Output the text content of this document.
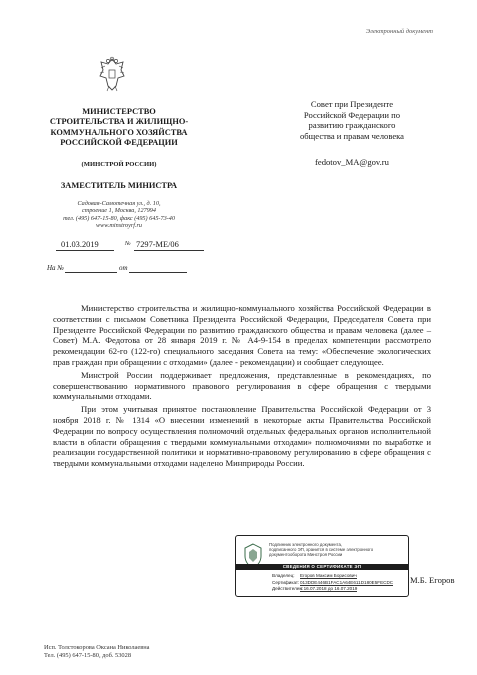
Электронный документ
МИНИСТЕРСТВО
СТРОИТЕЛЬСТВА И ЖИЛИЩНО-
КОММУНАЛЬНОГО ХОЗЯЙСТВА
РОССИЙСКОЙ ФЕДЕРАЦИИ
(МИНСТРОЙ РОССИИ)
ЗАМЕСТИТЕЛЬ МИНИСТРА
Садовая-Самотечная ул., д. 10,
строение 1, Москва, 127994
тел. (495) 647-15-80, факс (495) 645-73-40
www.minstroyrf.ru
01.03.2019	№ 7297-МЕ/06
На №	от
Совет при Президенте
Российской Федерации по
развитию гражданского
общества и правам человека
fedotov_MA@gov.ru

Министерство строительства и жилищно-коммунального хозяйства Российской Федерации в соответствии с письмом Советника Президента Российской Федерации, Председателя Совета при Президенте Российской Федерации по развитию гражданского общества и правам человека (далее – Совет) М.А. Федотова от 28 января 2019 г. № А4-9-154 в пределах компетенции рассмотрело рекомендации 62-го (122-го) специального заседания Совета на тему: «Обеспечение экологических прав граждан при обращении с отходами» (далее - рекомендации) и сообщает следующее.

Минстрой России поддерживает предложения, представленные в рекомендациях, по совершенствованию нормативного правового регулирования в сфере обращения с твердыми коммунальными отходами.

При этом учитывая принятое постановление Правительства Российской Федерации от 3 ноября 2018 г. № 1314 «О внесении изменений в некоторые акты Правительства Российской Федерации по вопросу осуществления полномочий отдельных федеральных органов исполнительной власти в области обращения с твердыми коммунальными отходами» полномочиями по выработке и реализации государственной политики и нормативно-правовому регулированию в сфере обращения с твердыми коммунальными отходами наделено Минприроды России.

Подлинник электронного документа,
подписанного ЭП, хранится в системе электронного
документооборота Минстроя России
СВЕДЕНИЯ О СЕРТИФИКАТЕ ЭП
Владелец: Егоров Максим Борисович
Сертификат:013DDE446B1FAC1A64E611D180E5FECDC
Действителен:с 16.07.2018 до 16.07.2019
М.Б. Егоров
Исп. Толстокорова Оксана Николаевна
Тел. (495) 647-15-80, доб. 53028
